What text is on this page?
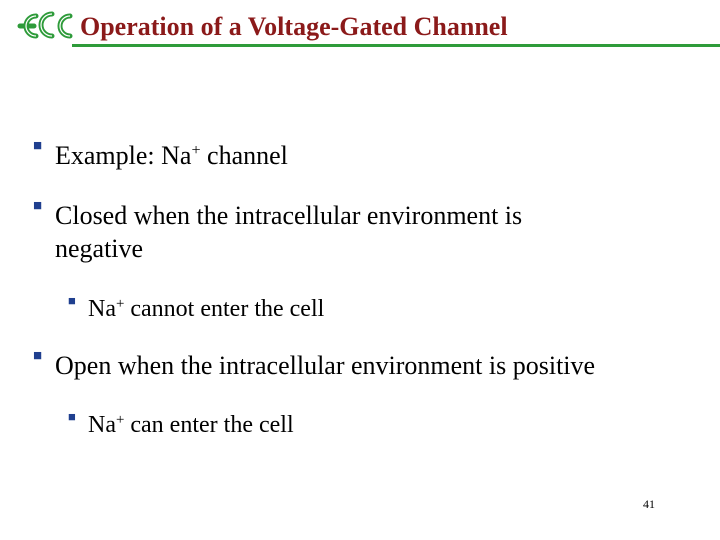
ECC
Operation of a Voltage-Gated Channel
■ Example: Na+ channel
■ Closed when the intracellular environment is negative
■ Na+ cannot enter the cell
■ Open when the intracellular environment is positive
■ Na+ can enter the cell
41
